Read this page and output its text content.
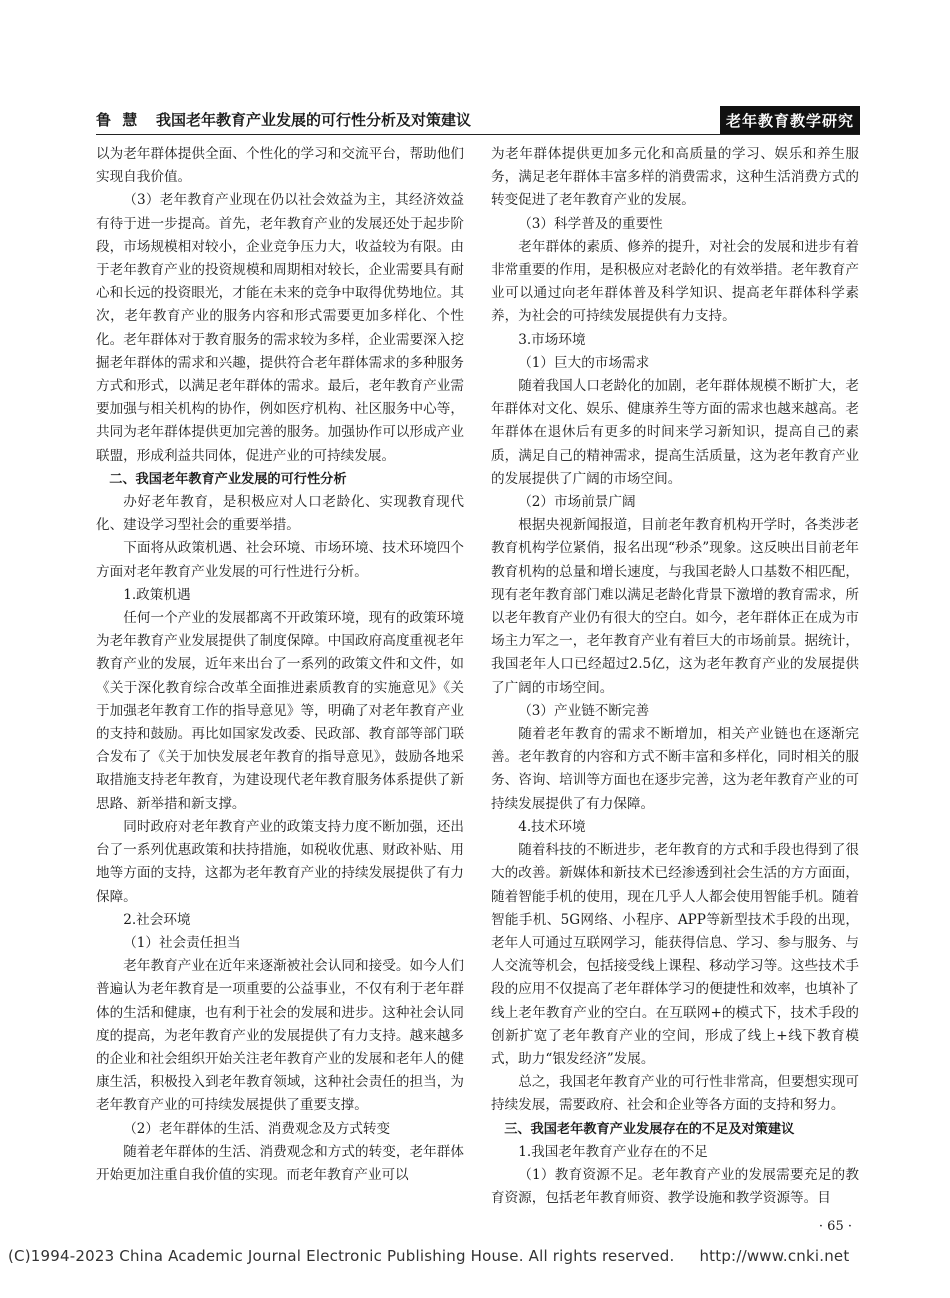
鲁 慧 我国老年教育产业发展的可行性分析及对策建议	老年教育教学研究

以为老年群体提供全面、个性化的学习和交流平台，帮助他们实现自我价值。

（3）老年教育产业现在仍以社会效益为主，其经济效益有待于进一步提高。首先，老年教育产业的发展还处于起步阶段，市场规模相对较小，企业竞争压力大，收益较为有限。由于老年教育产业的投资规模和周期相对较长，企业需要具有耐心和长远的投资眼光，才能在未来的竞争中取得优势地位。其次，老年教育产业的服务内容和形式需要更加多样化、个性化。老年群体对于教育服务的需求较为多样，企业需要深入挖掘老年群体的需求和兴趣，提供符合老年群体需求的多种服务方式和形式，以满足老年群体的需求。最后，老年教育产业需要加强与相关机构的协作，例如医疗机构、社区服务中心等，共同为老年群体提供更加完善的服务。加强协作可以形成产业联盟，形成利益共同体，促进产业的可持续发展。

二、我国老年教育产业发展的可行性分析

办好老年教育，是积极应对人口老龄化、实现教育现代化、建设学习型社会的重要举措。

下面将从政策机遇、社会环境、市场环境、技术环境四个方面对老年教育产业发展的可行性进行分析。

1.政策机遇

任何一个产业的发展都离不开政策环境，现有的政策环境为老年教育产业发展提供了制度保障。中国政府高度重视老年教育产业的发展，近年来出台了一系列的政策文件和文件，如《关于深化教育综合改革全面推进素质教育的实施意见》《关于加强老年教育工作的指导意见》等，明确了对老年教育产业的支持和鼓励。再比如国家发改委、民政部、教育部等部门联合发布了《关于加快发展老年教育的指导意见》，鼓励各地采取措施支持老年教育，为建设现代老年教育服务体系提供了新思路、新举措和新支撑。

同时政府对老年教育产业的政策支持力度不断加强，还出台了一系列优惠政策和扶持措施，如税收优惠、财政补贴、用地等方面的支持，这都为老年教育产业的持续发展提供了有力保障。

2.社会环境

（1）社会责任担当

老年教育产业在近年来逐渐被社会认同和接受。如今人们普遍认为老年教育是一项重要的公益事业，不仅有利于老年群体的生活和健康，也有利于社会的发展和进步。这种社会认同度的提高，为老年教育产业的发展提供了有力支持。越来越多的企业和社会组织开始关注老年教育产业的发展和老年人的健康生活，积极投入到老年教育领域，这种社会责任的担当，为老年教育产业的可持续发展提供了重要支撑。

（2）老年群体的生活、消费观念及方式转变

随着老年群体的生活、消费观念和方式的转变，老年群体开始更加注重自我价值的实现。而老年教育产业可以

为老年群体提供更加多元化和高质量的学习、娱乐和养生服务，满足老年群体丰富多样的消费需求，这种生活消费方式的转变促进了老年教育产业的发展。

（3）科学普及的重要性

老年群体的素质、修养的提升，对社会的发展和进步有着非常重要的作用，是积极应对老龄化的有效举措。老年教育产业可以通过向老年群体普及科学知识、提高老年群体科学素养，为社会的可持续发展提供有力支持。

3.市场环境

（1）巨大的市场需求

随着我国人口老龄化的加剧，老年群体规模不断扩大，老年群体对文化、娱乐、健康养生等方面的需求也越来越高。老年群体在退休后有更多的时间来学习新知识，提高自己的素质，满足自己的精神需求，提高生活质量，这为老年教育产业的发展提供了广阔的市场空间。

（2）市场前景广阔

根据央视新闻报道，目前老年教育机构开学时，各类涉老教育机构学位紧俏，报名出现“秒杀”现象。这反映出目前老年教育机构的总量和增长速度，与我国老龄人口基数不相匹配，现有老年教育部门难以满足老龄化背景下激增的教育需求，所以老年教育产业仍有很大的空白。如今，老年群体正在成为市场主力军之一，老年教育产业有着巨大的市场前景。据统计，我国老年人口已经超过2.5亿，这为老年教育产业的发展提供了广阔的市场空间。

（3）产业链不断完善

随着老年教育的需求不断增加，相关产业链也在逐渐完善。老年教育的内容和方式不断丰富和多样化，同时相关的服务、咨询、培训等方面也在逐步完善，这为老年教育产业的可持续发展提供了有力保障。

4.技术环境

随着科技的不断进步，老年教育的方式和手段也得到了很大的改善。新媒体和新技术已经渗透到社会生活的方方面面，随着智能手机的使用，现在几乎人人都会使用智能手机。随着智能手机、5G网络、小程序、APP等新型技术手段的出现，老年人可通过互联网学习，能获得信息、学习、参与服务、与人交流等机会，包括接受线上课程、移动学习等。这些技术手段的应用不仅提高了老年群体学习的便捷性和效率，也填补了线上老年教育产业的空白。在互联网+的模式下，技术手段的创新扩宽了老年教育产业的空间，形成了线上+线下教育模式，助力“银发经济”发展。

总之，我国老年教育产业的可行性非常高，但要想实现可持续发展，需要政府、社会和企业等各方面的支持和努力。

三、我国老年教育产业发展存在的不足及对策建议

1.我国老年教育产业存在的不足

（1）教育资源不足。老年教育产业的发展需要充足的教育资源，包括老年教育师资、教学设施和教学资源等。目

· 65 ·
(C)1994-2023 China Academic Journal Electronic Publishing House. All rights reserved. http://www.cnki.net
